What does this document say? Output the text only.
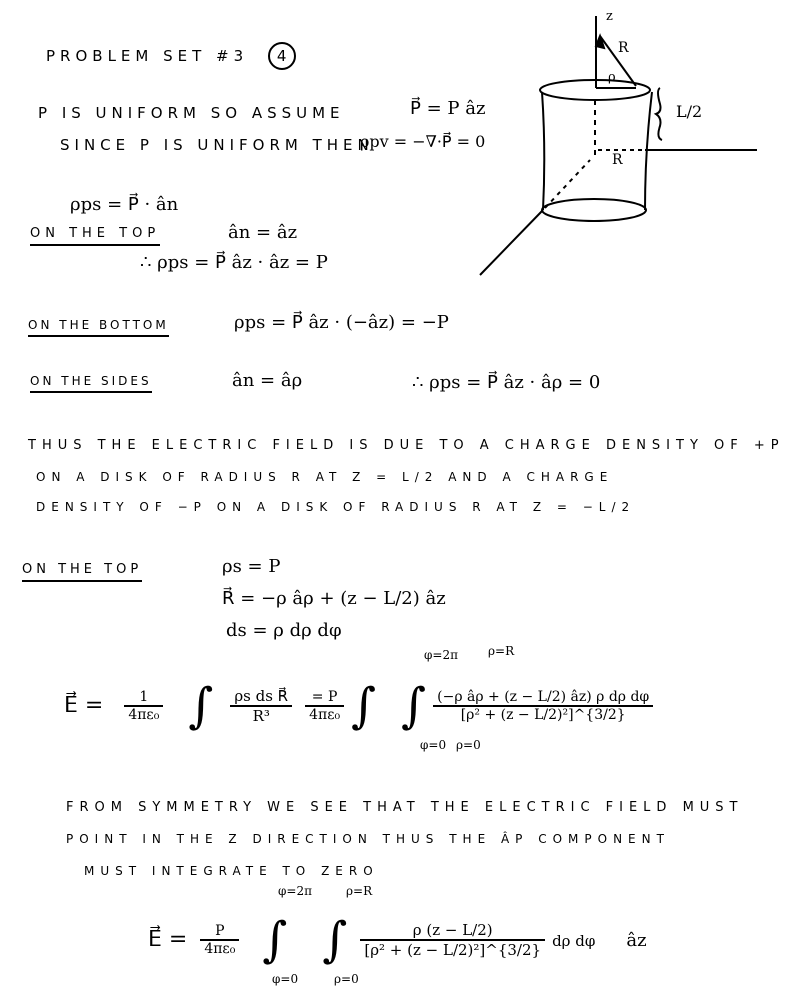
PROBLEM SET #3 4
z
R
ρ
L/2
R
P IS UNIFORM SO ASSUME	P⃗ = P âz
SINCE P IS UNIFORM THEN
ρpv = −∇·P⃗ = 0
ρps = P⃗ · ân
ON THE TOP	ân = âz
∴ ρps = P⃗ âz · âz = P
ON THE BOTTOM	ρps = P⃗ âz · (−âz) = −P
ON THE SIDES	ân = âρ	∴ ρps = P⃗ âz · âρ = 0
THUS THE ELECTRIC FIELD IS DUE TO A CHARGE DENSITY OF +P
ON A DISK OF RADIUS R AT Z = L/2 AND A CHARGE
DENSITY OF −P ON A DISK OF RADIUS R AT Z = −L/2
ON THE TOP	ρs = P
R⃗ = −ρ âρ + (z − L/2) âz
ds = ρ dρ dφ
E⃗ = $\frac{1}{\text{4πε₀}}$ ∫ $\frac{\text{ρs ds R⃗}}{\text{R³}}$
$\frac{= P}{\text{4πε₀}}$ ∫ ∫ $\frac{\text{(−ρ âρ + (z − L/2) âz) ρ dρ dφ}}{\text{[ρ² + (z − L/2)²]\textasciicircum{}\{3/2\}}}$
φ=2π
φ=0
ρ=R
ρ=0
FROM SYMMETRY WE SEE THAT THE ELECTRIC FIELD MUST
POINT IN THE Z DIRECTION THUS THE ÂΡ COMPONENT
MUST INTEGRATE TO ZERO
E⃗ = $\frac{P}{\text{4πε₀}}$ ∫ ∫ $\frac{\rho (z - L/2)}{\text{[ρ² + (z − L/2)²]\textasciicircum{}\{3/2\}}}$ dρ dφ âz
φ=2π
φ=0
ρ=R
ρ=0
